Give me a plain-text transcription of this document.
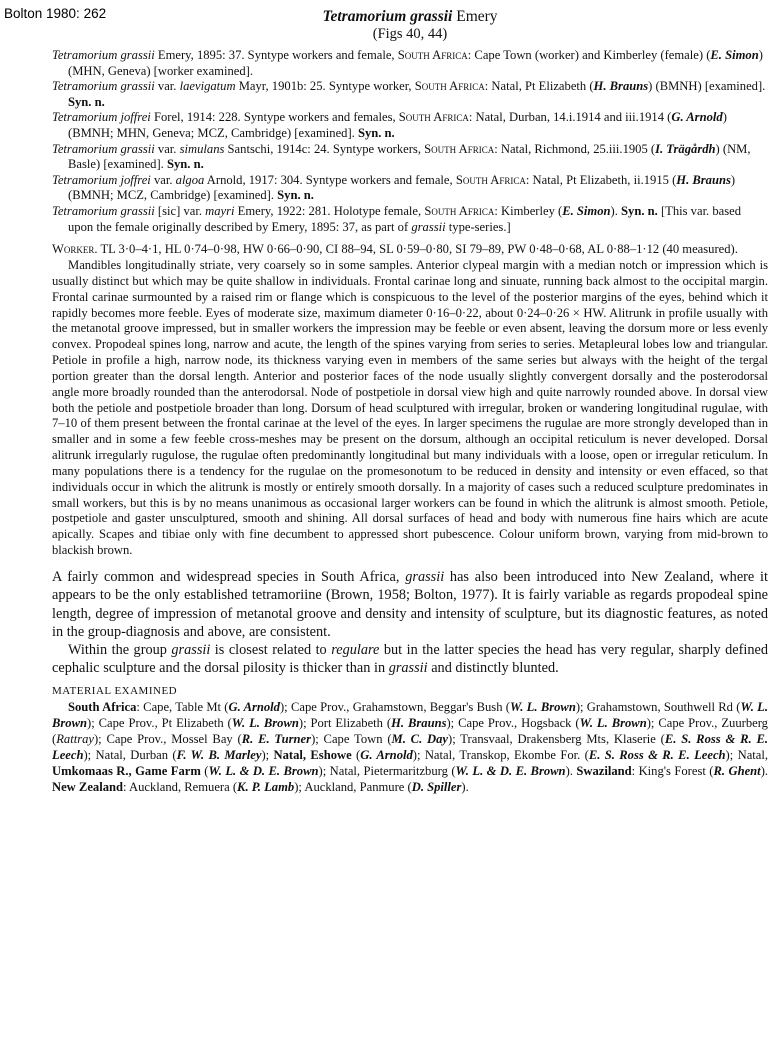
Bolton 1980: 262	Tetramorium grassii Emery
(Figs 40, 44)

Tetramorium grassii Emery, 1895: 37. Syntype workers and female, South Africa: Cape Town (worker) and Kimberley (female) (E. Simon) (MHN, Geneva) [worker examined].

Tetramorium grassii var. laevigatum Mayr, 1901b: 25. Syntype worker, South Africa: Natal, Pt Elizabeth (H. Brauns) (BMNH) [examined]. Syn. n.

Tetramorium joffrei Forel, 1914: 228. Syntype workers and females, South Africa: Natal, Durban, 14.i.1914 and iii.1914 (G. Arnold) (BMNH; MHN, Geneva; MCZ, Cambridge) [examined]. Syn. n.

Tetramorium grassii var. simulans Santschi, 1914c: 24. Syntype workers, South Africa: Natal, Richmond, 25.iii.1905 (I. Trägårdh) (NM, Basle) [examined]. Syn. n.

Tetramorium joffrei var. algoa Arnold, 1917: 304. Syntype workers and female, South Africa: Natal, Pt Elizabeth, ii.1915 (H. Brauns) (BMNH; MCZ, Cambridge) [examined]. Syn. n.

Tetramorium grassii [sic] var. mayri Emery, 1922: 281. Holotype female, South Africa: Kimberley (E. Simon). Syn. n. [This var. based upon the female originally described by Emery, 1895: 37, as part of grassii type-series.]

Worker. TL 3·0–4·1, HL 0·74–0·98, HW 0·66–0·90, CI 88–94, SL 0·59–0·80, SI 79–89, PW 0·48–0·68, AL 0·88–1·12 (40 measured).

Mandibles longitudinally striate, very coarsely so in some samples. Anterior clypeal margin with a median notch or impression which is usually distinct but which may be quite shallow in individuals. Frontal carinae long and sinuate, running back almost to the occipital margin. Frontal carinae surmounted by a raised rim or flange which is conspicuous to the level of the posterior margins of the eyes, behind which it rapidly becomes more feeble. Eyes of moderate size, maximum diameter 0·16–0·22, about 0·24–0·26 × HW. Alitrunk in profile usually with the metanotal groove impressed, but in smaller workers the impression may be feeble or even absent, leaving the dorsum more or less evenly convex. Propodeal spines long, narrow and acute, the length of the spines varying from series to series. Metapleural lobes low and triangular. Petiole in profile a high, narrow node, its thickness varying even in members of the same series but always with the height of the tergal portion greater than the dorsal length. Anterior and posterior faces of the node usually slightly convergent dorsally and the posterodorsal angle more broadly rounded than the anterodorsal. Node of postpetiole in dorsal view high and quite narrowly rounded above. In dorsal view both the petiole and postpetiole broader than long. Dorsum of head sculptured with irregular, broken or wandering longitudinal rugulae, with 7–10 of them present between the frontal carinae at the level of the eyes. In larger specimens the rugulae are more strongly developed than in smaller and in some a few feeble cross-meshes may be present on the dorsum, although an occipital reticulum is never developed. Dorsal alitrunk irregularly rugulose, the rugulae often predominantly longitudinal but many individuals with a loose, open or irregular reticulum. In many populations there is a tendency for the rugulae on the promesonotum to be reduced in density and intensity or even effaced, so that individuals occur in which the alitrunk is mostly or entirely smooth dorsally. In a majority of cases such a reduced sculpture predominates in small workers, but this is by no means unanimous as occasional larger workers can be found in which the alitrunk is almost smooth. Petiole, postpetiole and gaster unsculptured, smooth and shining. All dorsal surfaces of head and body with numerous fine hairs which are acute apically. Scapes and tibiae only with fine decumbent to appressed short pubescence. Colour uniform brown, varying from mid-brown to blackish brown.

A fairly common and widespread species in South Africa, grassii has also been introduced into New Zealand, where it appears to be the only established tetramoriine (Brown, 1958; Bolton, 1977). It is fairly variable as regards propodeal spine length, degree of impression of metanotal groove and density and intensity of sculpture, but its diagnostic features, as noted in the group-diagnosis and above, are consistent.

Within the group grassii is closest related to regulare but in the latter species the head has very regular, sharply defined cephalic sculpture and the dorsal pilosity is thicker than in grassii and distinctly blunted.

MATERIAL EXAMINED

South Africa: Cape, Table Mt (G. Arnold); Cape Prov., Grahamstown, Beggar's Bush (W. L. Brown); Grahamstown, Southwell Rd (W. L. Brown); Cape Prov., Pt Elizabeth (W. L. Brown); Port Elizabeth (H. Brauns); Cape Prov., Hogsback (W. L. Brown); Cape Prov., Zuurberg (Rattray); Cape Prov., Mossel Bay (R. E. Turner); Cape Town (M. C. Day); Transvaal, Drakensberg Mts, Klaserie (E. S. Ross & R. E. Leech); Natal, Durban (F. W. B. Marley); Natal, Eshowe (G. Arnold); Natal, Transkop, Ekombe For. (E. S. Ross & R. E. Leech); Natal, Umkomaas R., Game Farm (W. L. & D. E. Brown); Natal, Pietermaritzburg (W. L. & D. E. Brown). Swaziland: King's Forest (R. Ghent). New Zealand: Auckland, Remuera (K. P. Lamb); Auckland, Panmure (D. Spiller).
